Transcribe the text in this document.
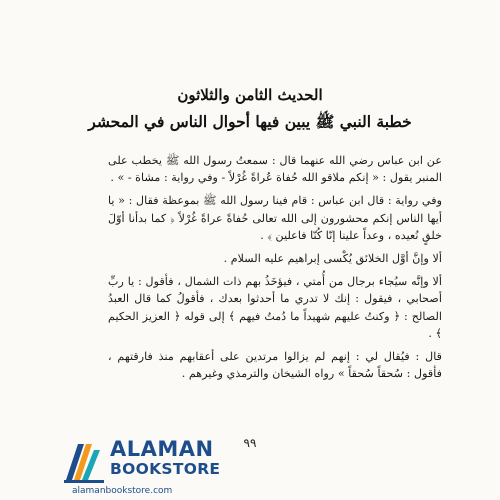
الحديث الثامن والثلاثون
خطبة النبي ﷺ يبين فيها أحوال الناس في المحشر

عن ابن عباس رضي الله عنهما قال : سمعتُ رسول الله ﷺ يخطب على المنبر يقول : « إنكم ملاقو الله حُفاة عُراةً غُرْلاً - وفي رواية : مشاة - » .

وفي رواية : قال ابن عباس : قام فينا رسول الله ﷺ بموعظة فقال : « يا أيها الناس إنكم محشورون إلى الله تعالى حُفاةً عراةً غُرْلاً ﴿ كما بدأنا أوّلَ خلقٍ نُعيده ، وعداً علينا إنّا كُنّا فاعلين ﴾ .

ألا وإنَّ أوَّل الخلائق يُكْسى إبراهيم عليه السلام .

ألا وإنَّه سيُجاء برجال من أُمتي ، فيؤخَذُ بهم ذات الشمال ، فأقول : يا ربِّ أصحابي ، فيقول : إنك لا تدري ما أحدثوا بعدك ، فأقولُ كما قال العبدُ الصالح : ﴿ وكنتُ عليهم شهيداً ما دُمتُ فيهم ﴾ إلى قوله ﴿ العزيز الحكيم ﴾ .

قال : فيُقال لي : إنهم لم يزالوا مرتدين على أعقابهم منذ فارقتهم ، فأقول : سُحقاً سُحقاً » رواه الشيخان والترمذي وغيرهم .

٩٩
ALAMAN
BOOKSTORE
alamanbookstore.com
